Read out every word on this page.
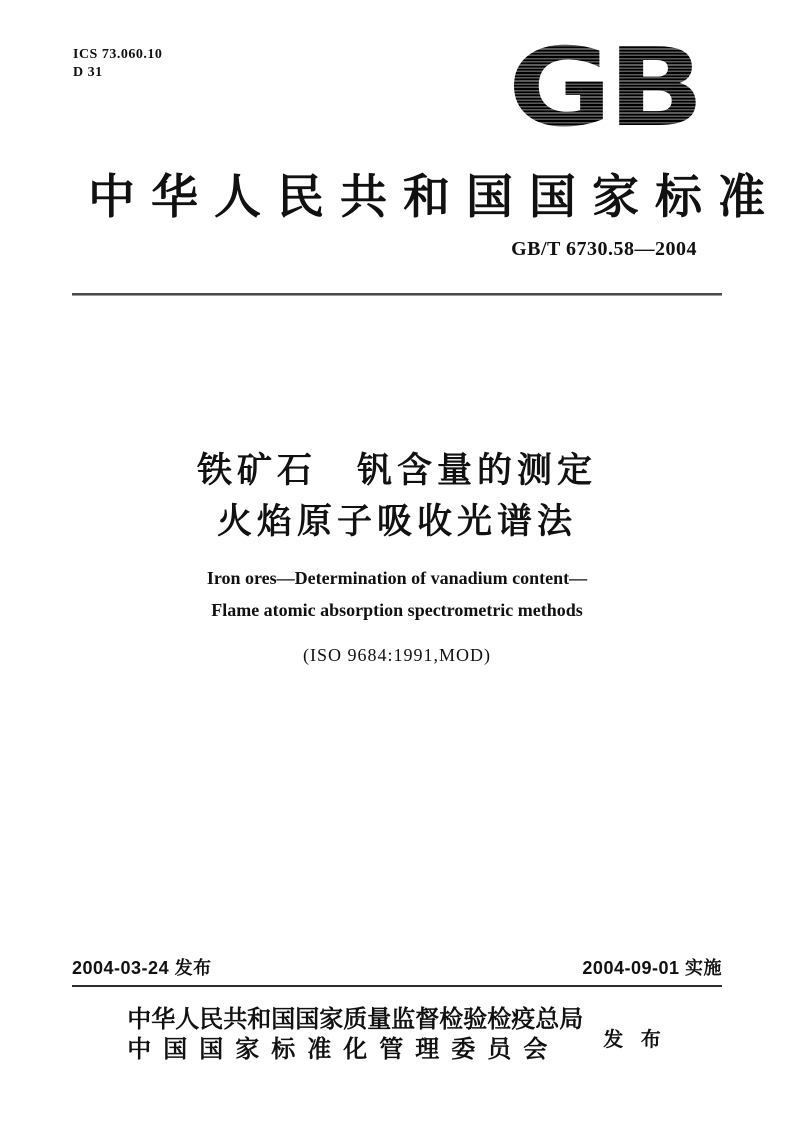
ICS 73.060.10
D 31	GB
中华人民共和国国家标准
GB/T 6730.58—2004
铁矿石　钒含量的测定
火焰原子吸收光谱法
Iron ores—Determination of vanadium content—
Flame atomic absorption spectrometric methods
(ISO 9684:1991,MOD)
2004-03-24 发布	2004-09-01 实施
中华人民共和国国家质量监督检验检疫总局
中国国家标准化管理委员会	发 布
